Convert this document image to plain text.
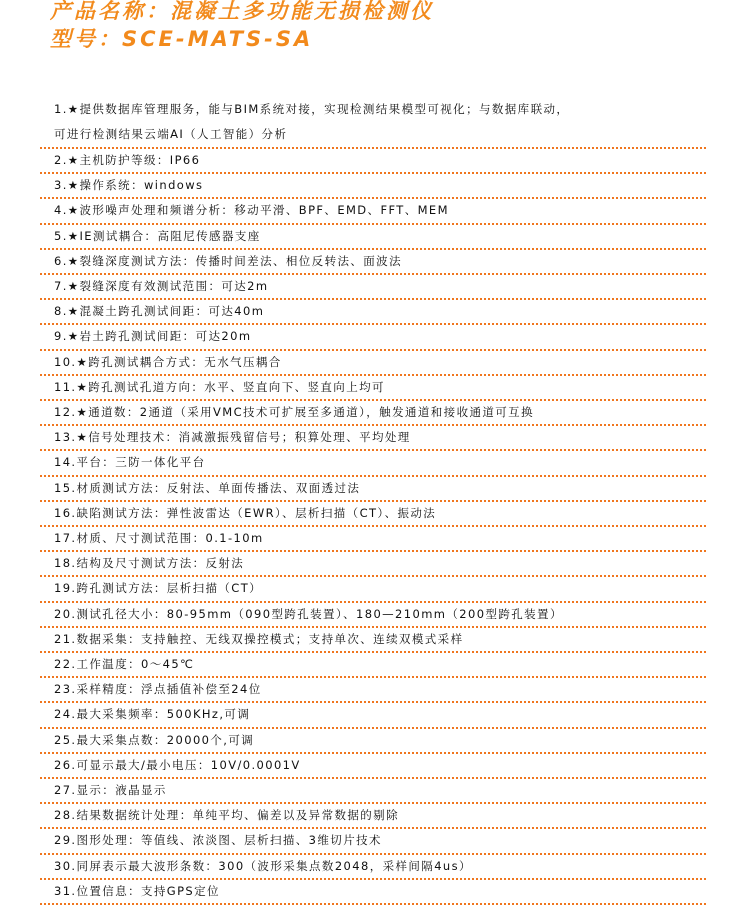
产品名称：混凝土多功能无损检测仪
型号：SCE-MATS-SA
1.★提供数据库管理服务，能与BIM系统对接，实现检测结果模型可视化；与数据库联动，
可进行检测结果云端AI（人工智能）分析
2.★主机防护等级：IP66
3.★操作系统：windows
4.★波形噪声处理和频谱分析：移动平滑、BPF、EMD、FFT、MEM
5.★IE测试耦合：高阻尼传感器支座
6.★裂缝深度测试方法：传播时间差法、相位反转法、面波法
7.★裂缝深度有效测试范围：可达2m
8.★混凝土跨孔测试间距：可达40m
9.★岩土跨孔测试间距：可达20m
10.★跨孔测试耦合方式：无水气压耦合
11.★跨孔测试孔道方向：水平、竖直向下、竖直向上均可
12.★通道数：2通道（采用VMC技术可扩展至多通道），触发通道和接收通道可互换
13.★信号处理技术：消减激振残留信号；积算处理、平均处理
14.平台：三防一体化平台
15.材质测试方法：反射法、单面传播法、双面透过法
16.缺陷测试方法：弹性波雷达（EWR）、层析扫描（CT）、振动法
17.材质、尺寸测试范围：0.1-10m
18.结构及尺寸测试方法：反射法
19.跨孔测试方法：层析扫描（CT）
20.测试孔径大小：80-95mm（090型跨孔装置）、180—210mm（200型跨孔装置）
21.数据采集：支持触控、无线双操控模式；支持单次、连续双模式采样
22.工作温度：0～45℃
23.采样精度：浮点插值补偿至24位
24.最大采集频率：500KHz,可调
25.最大采集点数：20000个,可调
26.可显示最大/最小电压：10V/0.0001V
27.显示：液晶显示
28.结果数据统计处理：单纯平均、偏差以及异常数据的剔除
29.图形处理：等值线、浓淡图、层析扫描、3维切片技术
30.同屏表示最大波形条数：300（波形采集点数2048，采样间隔4us）
31.位置信息：支持GPS定位
